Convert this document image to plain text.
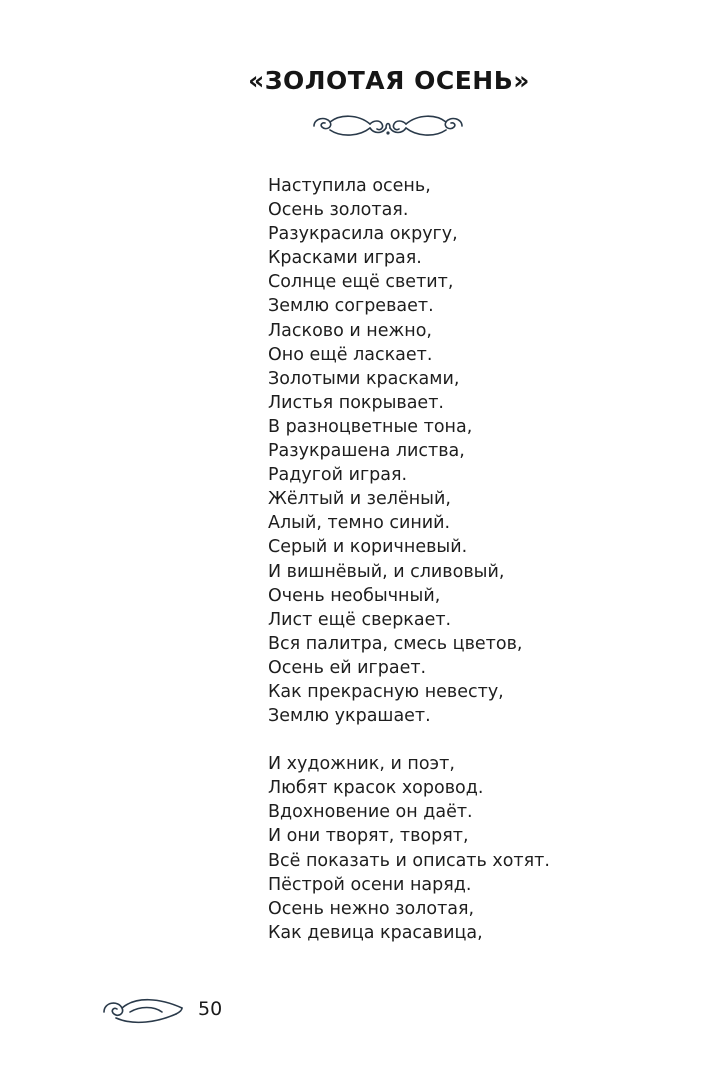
«ЗОЛОТАЯ ОСЕНЬ»
Наступила осень,
Осень золотая.
Разукрасила округу,
Красками играя.
Солнце ещё светит,
Землю согревает.
Ласково и нежно,
Оно ещё ласкает.
Золотыми красками,
Листья покрывает.
В разноцветные тона,
Разукрашена листва,
Радугой играя.
Жёлтый и зелёный,
Алый, темно синий.
Серый и коричневый.
И вишнёвый, и сливовый,
Очень необычный,
Лист ещё сверкает.
Вся палитра, смесь цветов,
Осень ей играет.
Как прекрасную невесту,
Землю украшает.
И художник, и поэт,
Любят красок хоровод.
Вдохновение он даёт.
И они творят, творят,
Всё показать и описать хотят.
Пёстрой осени наряд.
Осень нежно золотая,
Как девица красавица,
50
